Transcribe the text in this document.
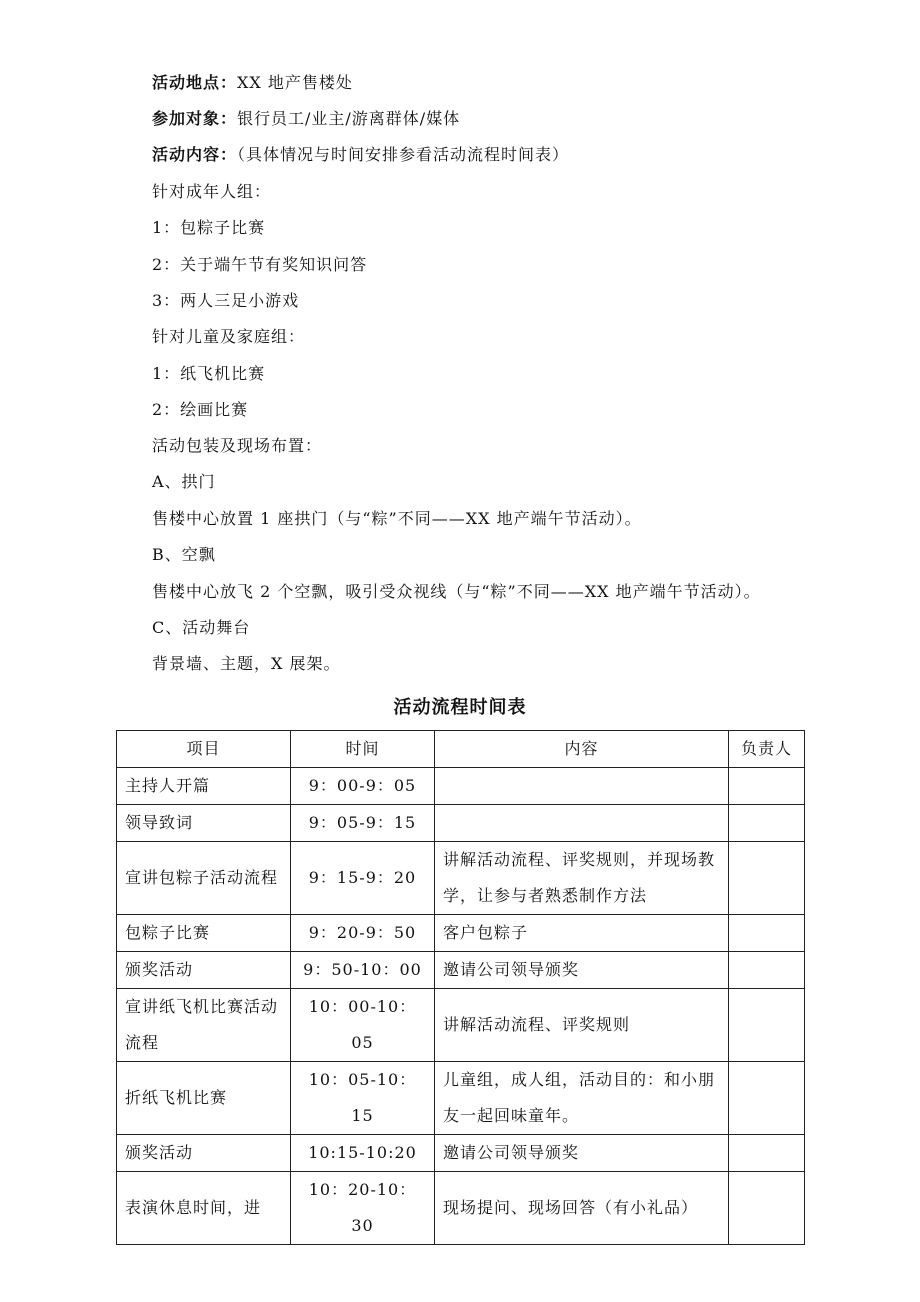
活动地点：XX 地产售楼处
参加对象：银行员工/业主/游离群体/媒体
活动内容：（具体情况与时间安排参看活动流程时间表）
针对成年人组：
1：包粽子比赛
2：关于端午节有奖知识问答
3：两人三足小游戏
针对儿童及家庭组：
1：纸飞机比赛
2：绘画比赛
活动包装及现场布置：
A、拱门
售楼中心放置 1 座拱门（与“粽”不同——XX 地产端午节活动）。
B、空飘
售楼中心放飞 2 个空飘，吸引受众视线（与“粽”不同——XX 地产端午节活动）。
C、活动舞台
背景墙、主题，X 展架。
活动流程时间表
项目	时间	内容	负责人
主持人开篇	9：00-9：05		
领导致词	9：05-9：15		
宣讲包粽子活动流程	9：15-9：20	讲解活动流程、评奖规则，并现场教学，让参与者熟悉制作方法	
包粽子比赛	9：20-9：50	客户包粽子	
颁奖活动	9：50-10：00	邀请公司领导颁奖	
宣讲纸飞机比赛活动流程	10：00-10：05	讲解活动流程、评奖规则	
折纸飞机比赛	10：05-10：15	儿童组，成人组，活动目的：和小朋友一起回味童年。	
颁奖活动	10:15-10:20	邀请公司领导颁奖	
表演休息时间，进	10：20-10：30	现场提问、现场回答（有小礼品）	
